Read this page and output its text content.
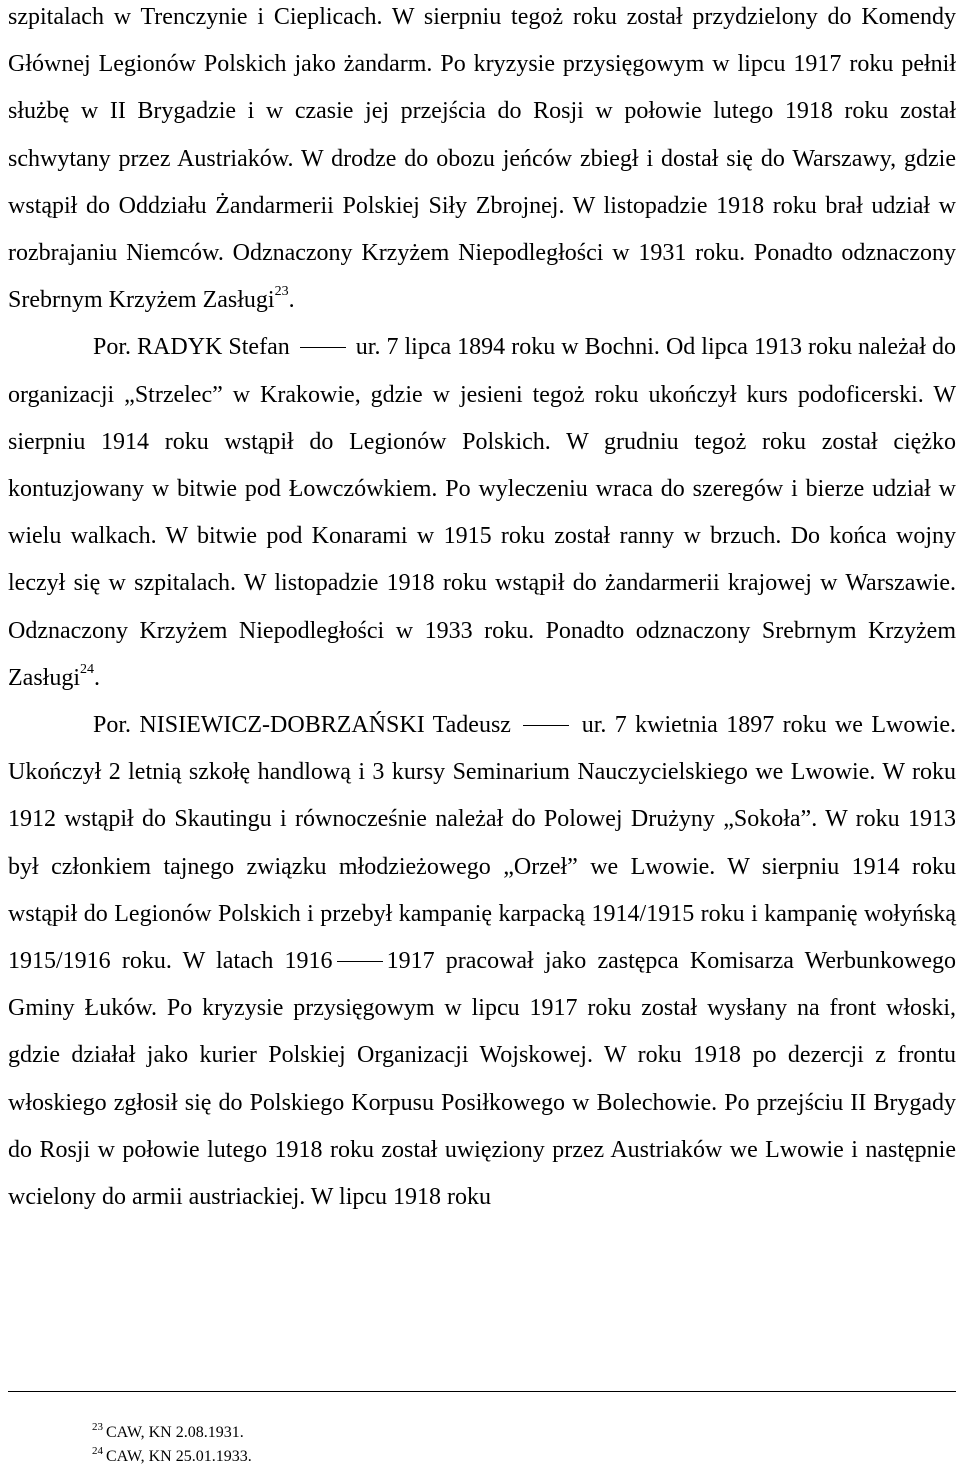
szpitalach w Trenczynie i Cieplicach. W sierpniu tegoż roku został przydzielony do Komendy Głównej Legionów Polskich jako żandarm. Po kryzysie przysięgowym w lipcu 1917 roku pełnił służbę w II Brygadzie i w czasie jej przejścia do Rosji w połowie lutego 1918 roku został schwytany przez Austriaków. W drodze do obozu jeńców zbiegł i dostał się do Warszawy, gdzie wstąpił do Oddziału Żandarmerii Polskiej Siły Zbrojnej. W listopadzie 1918 roku brał udział w rozbrajaniu Niemców. Odznaczony Krzyżem Niepodległości w 1931 roku. Ponadto odznaczony Srebrnym Krzyżem Zasługi$^{23}$.

Por. RADYK Stefan  ur. 7 lipca 1894 roku w Bochni. Od lipca 1913 roku należał do organizacji „Strzelec” w Krakowie, gdzie w jesieni tegoż roku ukończył kurs podoficerski. W sierpniu 1914 roku wstąpił do Legionów Polskich. W grudniu tegoż roku został ciężko kontuzjowany w bitwie pod Łowczówkiem. Po wyleczeniu wraca do szeregów i bierze udział w wielu walkach. W bitwie pod Konarami w 1915 roku został ranny w brzuch. Do końca wojny leczył się w szpitalach. W listopadzie 1918 roku wstąpił do żandarmerii krajowej w Warszawie. Odznaczony Krzyżem Niepodległości w 1933 roku. Ponadto odznaczony Srebrnym Krzyżem Zasługi$^{24}$.

Por. NISIEWICZ-DOBRZAŃSKI Tadeusz  ur. 7 kwietnia 1897 roku we Lwowie. Ukończył 2 letnią szkołę handlową i 3 kursy Seminarium Nauczycielskiego we Lwowie. W roku 1912 wstąpił do Skautingu i równocześnie należał do Polowej Drużyny „Sokoła”. W roku 1913 był członkiem tajnego związku młodzieżowego „Orzeł” we Lwowie. W sierpniu 1914 roku wstąpił do Legionów Polskich i przebył kampanię karpacką 1914/1915 roku i kampanię wołyńską 1915/1916 roku. W latach 1916 1917 pracował jako zastępca Komisarza Werbunkowego Gminy Łuków. Po kryzysie przysięgowym w lipcu 1917 roku został wysłany na front włoski, gdzie działał jako kurier Polskiej Organizacji Wojskowej. W roku 1918 po dezercji z frontu włoskiego zgłosił się do Polskiego Korpusu Posiłkowego w Bolechowie. Po przejściu II Brygady do Rosji w połowie lutego 1918 roku został uwięziony przez Austriaków we Lwowie i następnie wcielony do armii austriackiej. W lipcu 1918 roku

$^{23}$ CAW, KN 2.08.1931.
$^{24}$ CAW, KN 25.01.1933.
